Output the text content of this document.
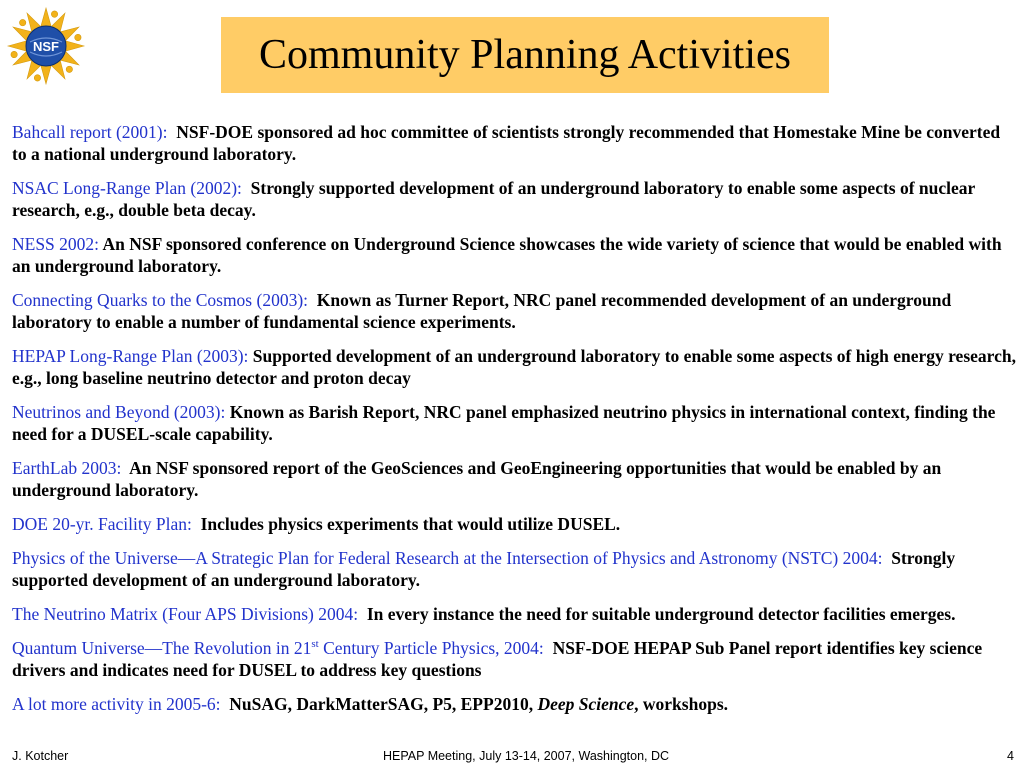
NSF	Community Planning Activities

Bahcall report (2001): NSF-DOE sponsored ad hoc committee of scientists strongly recommended that Homestake Mine be converted to a national underground laboratory.

NSAC Long-Range Plan (2002): Strongly supported development of an underground laboratory to enable some aspects of nuclear research, e.g., double beta decay.

NESS 2002: An NSF sponsored conference on Underground Science showcases the wide variety of science that would be enabled with an underground laboratory.

Connecting Quarks to the Cosmos (2003): Known as Turner Report, NRC panel recommended development of an underground laboratory to enable a number of fundamental science experiments.

HEPAP Long-Range Plan (2003): Supported development of an underground laboratory to enable some aspects of high energy research, e.g., long baseline neutrino detector and proton decay

Neutrinos and Beyond (2003): Known as Barish Report, NRC panel emphasized neutrino physics in international context, finding the need for a DUSEL-scale capability.

EarthLab 2003: An NSF sponsored report of the GeoSciences and GeoEngineering opportunities that would be enabled by an underground laboratory.

DOE 20-yr. Facility Plan: Includes physics experiments that would utilize DUSEL.

Physics of the Universe—A Strategic Plan for Federal Research at the Intersection of Physics and Astronomy (NSTC) 2004: Strongly supported development of an underground laboratory.

The Neutrino Matrix (Four APS Divisions) 2004: In every instance the need for suitable underground detector facilities emerges.

Quantum Universe—The Revolution in 21st Century Particle Physics, 2004: NSF-DOE HEPAP Sub Panel report identifies key science drivers and indicates need for DUSEL to address key questions

A lot more activity in 2005-6: NuSAG, DarkMatterSAG, P5, EPP2010, Deep Science, workshops.

J. Kotcher	HEPAP Meeting, July 13-14, 2007, Washington, DC	4
